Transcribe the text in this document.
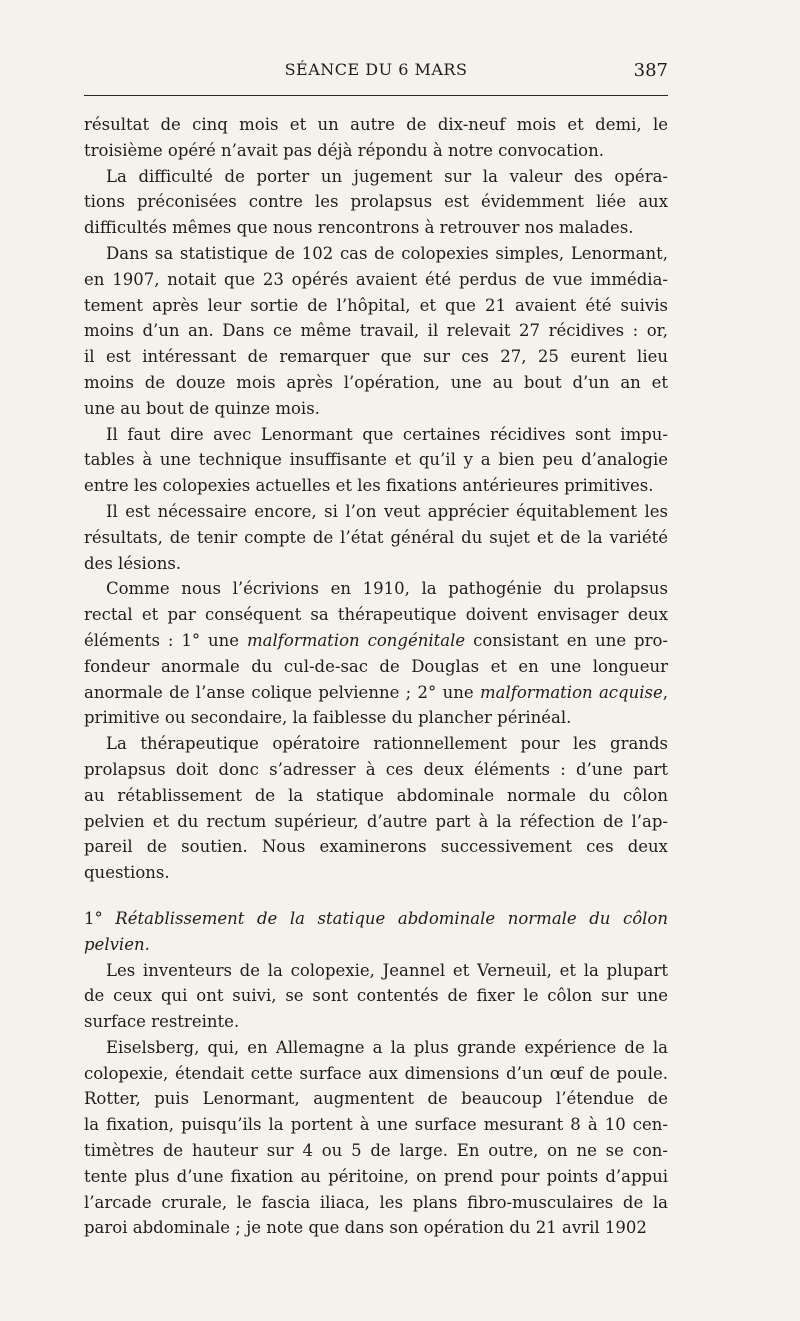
SÉANCE DU 6 MARS	387
résultat de cinq mois et un autre de dix-neuf mois et demi, le
troisième opéré n’avait pas déjà répondu à notre convocation.
La difficulté de porter un jugement sur la valeur des opéra-
tions préconisées contre les prolapsus est évidemment liée aux
difficultés mêmes que nous rencontrons à retrouver nos malades.
Dans sa statistique de 102 cas de colopexies simples, Lenormant,
en 1907, notait que 23 opérés avaient été perdus de vue immédia-
tement après leur sortie de l’hôpital, et que 21 avaient été suivis
moins d’un an. Dans ce même travail, il relevait 27 récidives : or,
il est intéressant de remarquer que sur ces 27, 25 eurent lieu
moins de douze mois après l’opération, une au bout d’un an et
une au bout de quinze mois.
Il faut dire avec Lenormant que certaines récidives sont impu-
tables à une technique insuffisante et qu’il y a bien peu d’analogie
entre les colopexies actuelles et les fixations antérieures primitives.
Il est nécessaire encore, si l’on veut apprécier équitablement les
résultats, de tenir compte de l’état général du sujet et de la variété
des lésions.
Comme nous l’écrivions en 1910, la pathogénie du prolapsus
rectal et par conséquent sa thérapeutique doivent envisager deux
éléments : 1° une malformation congénitale consistant en une pro-
fondeur anormale du cul-de-sac de Douglas et en une longueur
anormale de l’anse colique pelvienne ; 2° une malformation acquise,
primitive ou secondaire, la faiblesse du plancher périnéal.
La thérapeutique opératoire rationnellement pour les grands
prolapsus doit donc s’adresser à ces deux éléments : d’une part
au rétablissement de la statique abdominale normale du côlon
pelvien et du rectum supérieur, d’autre part à la réfection de l’ap-
pareil de soutien. Nous examinerons successivement ces deux
questions.
1° Rétablissement de la statique abdominale normale du côlon
pelvien.
Les inventeurs de la colopexie, Jeannel et Verneuil, et la plupart
de ceux qui ont suivi, se sont contentés de fixer le côlon sur une
surface restreinte.
Eiselsberg, qui, en Allemagne a la plus grande expérience de la
colopexie, étendait cette surface aux dimensions d’un œuf de poule.
Rotter, puis Lenormant, augmentent de beaucoup l’étendue de
la fixation, puisqu’ils la portent à une surface mesurant 8 à 10 cen-
timètres de hauteur sur 4 ou 5 de large. En outre, on ne se con-
tente plus d’une fixation au péritoine, on prend pour points d’appui
l’arcade crurale, le fascia iliaca, les plans fibro-musculaires de la
paroi abdominale ; je note que dans son opération du 21 avril 1902
